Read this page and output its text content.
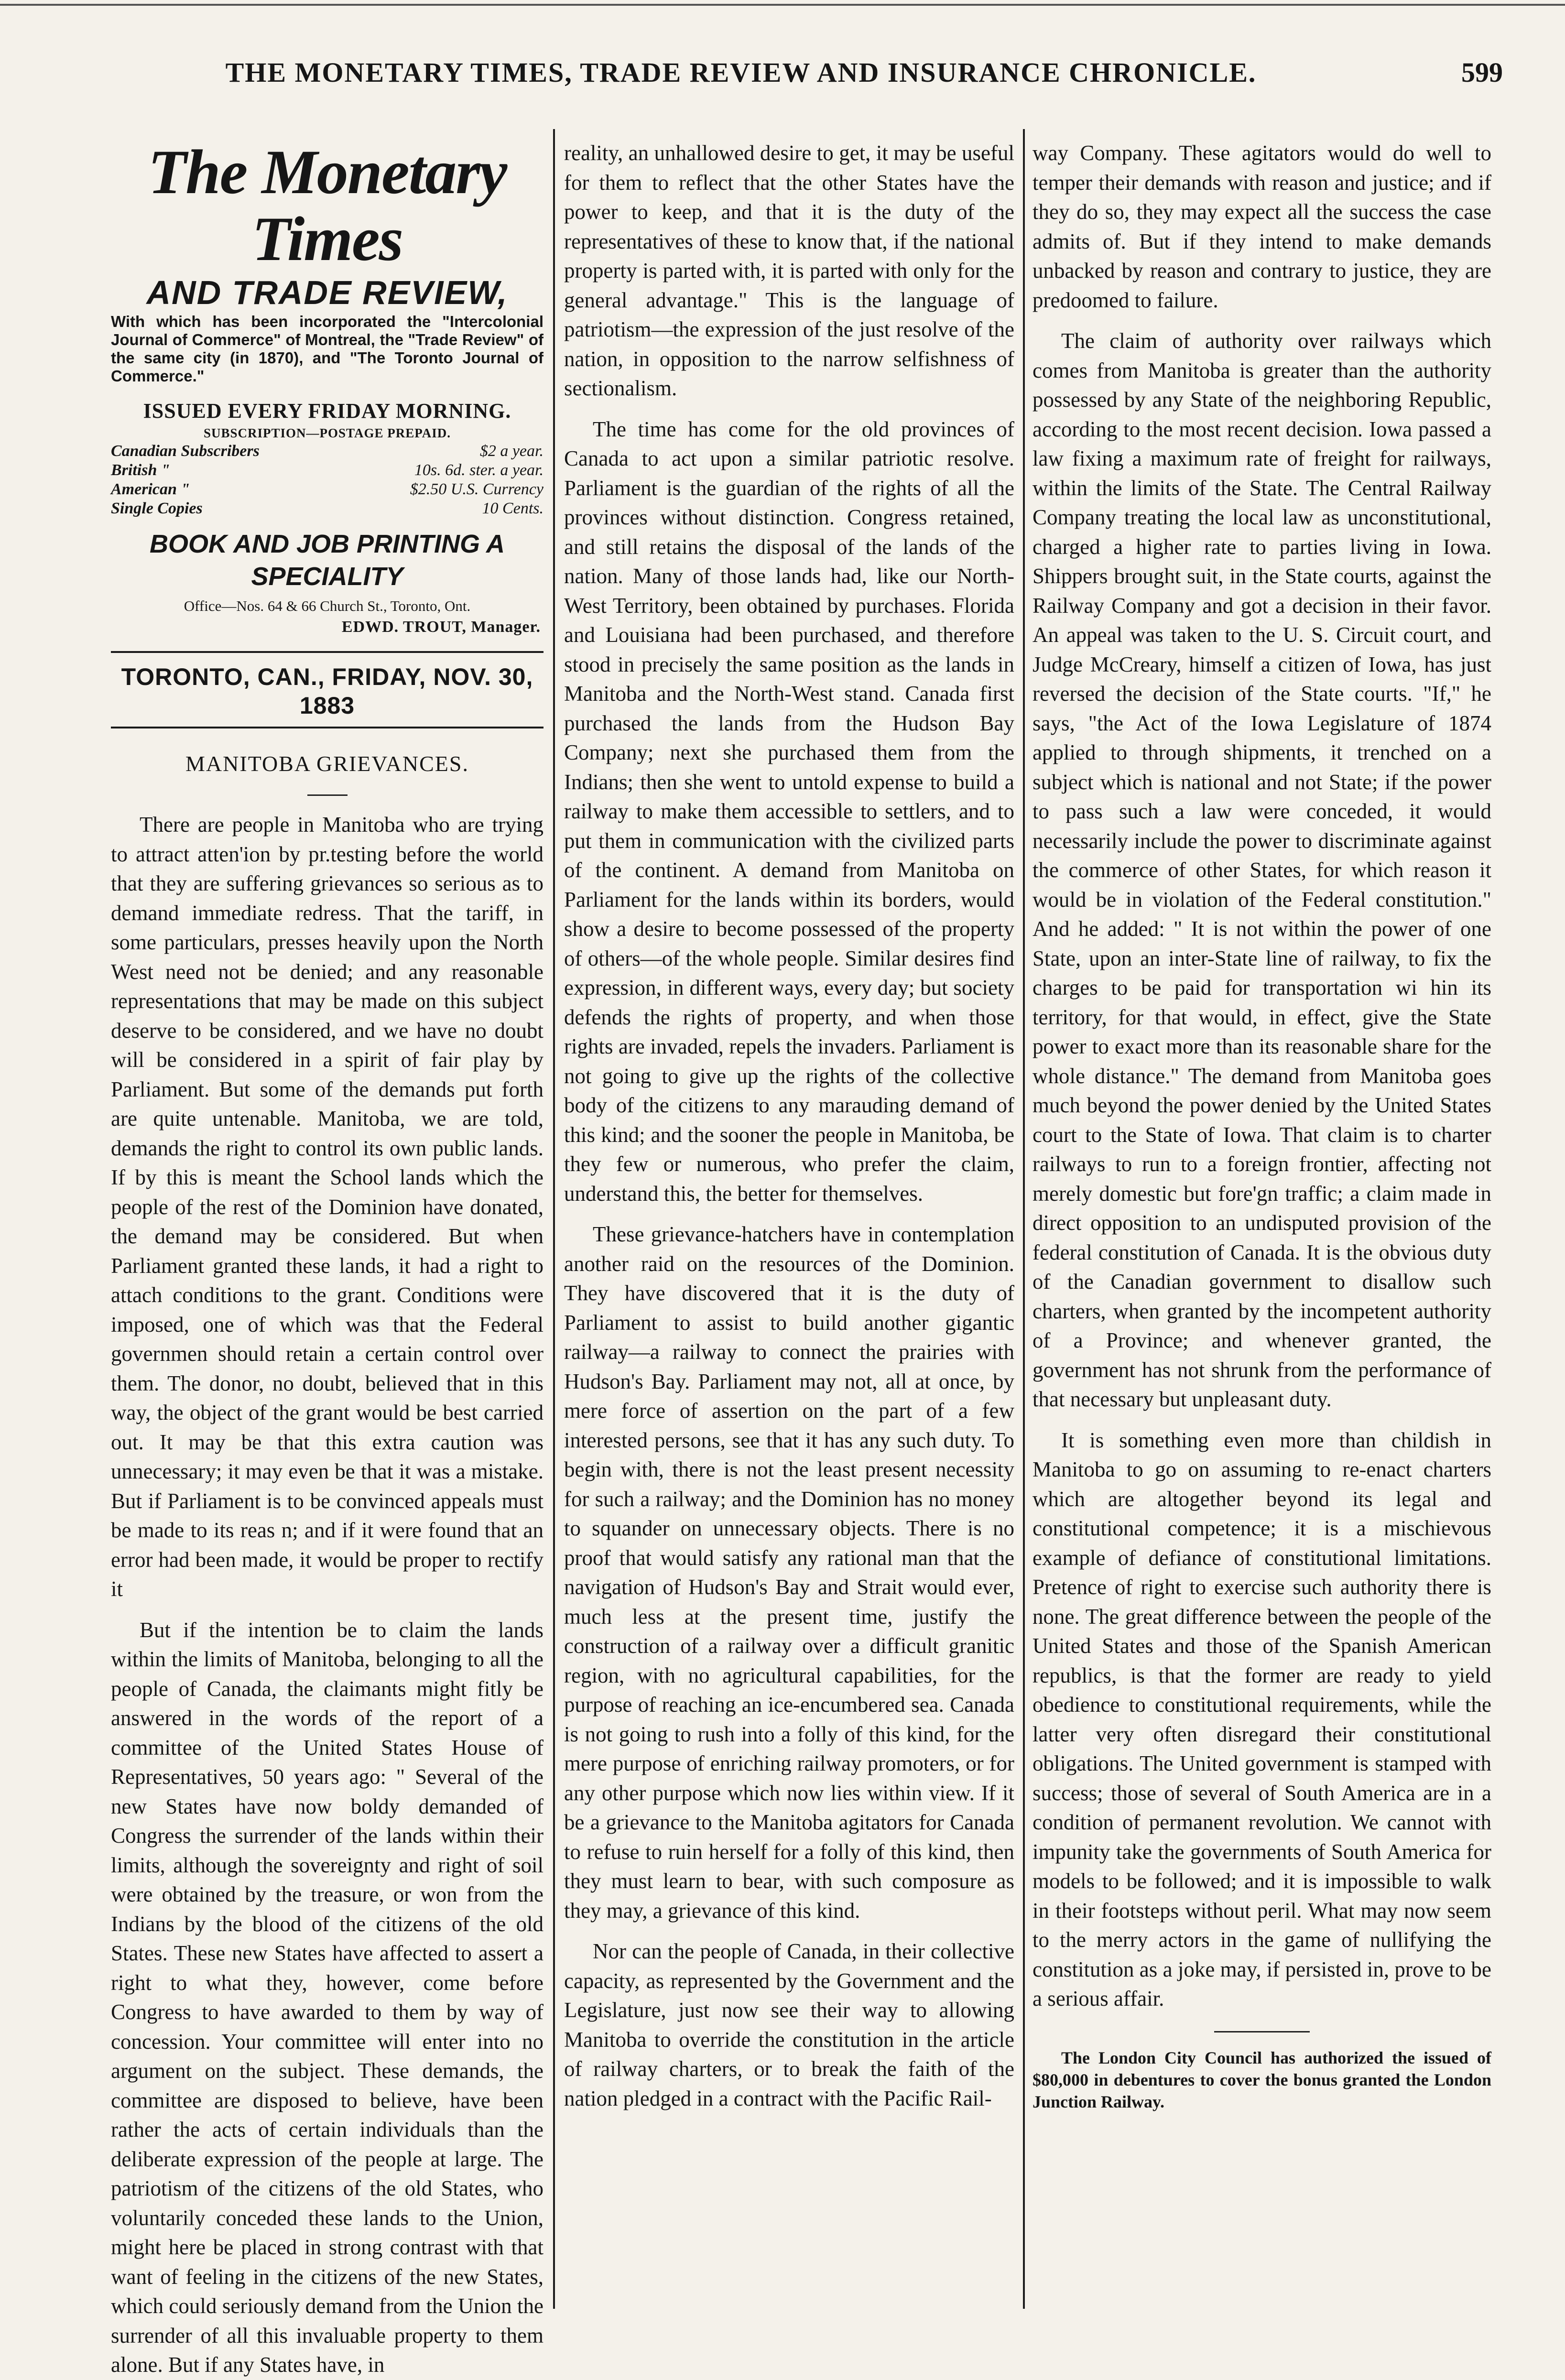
THE MONETARY TIMES, TRADE REVIEW AND INSURANCE CHRONICLE.	599
The Monetary Times
AND TRADE REVIEW,

With which has been incorporated the "Intercolonial Journal of Commerce" of Montreal, the "Trade Review" of the same city (in 1870), and "The Toronto Journal of Commerce."

ISSUED EVERY FRIDAY MORNING.
SUBSCRIPTION—POSTAGE PREPAID.
Canadian Subscribers	$2 a year.
British "	10s. 6d. ster. a year.
American "	$2.50 U.S. Currency
Single Copies	10 Cents.
BOOK AND JOB PRINTING A SPECIALITY
Office—Nos. 64 & 66 Church St., Toronto, Ont.
EDWD. TROUT, Manager.
TORONTO, CAN., FRIDAY, NOV. 30, 1883
MANITOBA GRIEVANCES.

There are people in Manitoba who are trying to attract atten'ion by pr.testing before the world that they are suffering grievances so serious as to demand immediate redress. That the tariff, in some particulars, presses heavily upon the North West need not be denied; and any reasonable representations that may be made on this subject deserve to be considered, and we have no doubt will be considered in a spirit of fair play by Parliament. But some of the demands put forth are quite untenable. Manitoba, we are told, demands the right to control its own public lands. If by this is meant the School lands which the people of the rest of the Dominion have donated, the demand may be considered. But when Parliament granted these lands, it had a right to attach conditions to the grant. Conditions were imposed, one of which was that the Federal governmen should retain a certain control over them. The donor, no doubt, believed that in this way, the object of the grant would be best carried out. It may be that this extra caution was unnecessary; it may even be that it was a mistake. But if Parliament is to be convinced appeals must be made to its reas n; and if it were found that an error had been made, it would be proper to rectify it

But if the intention be to claim the lands within the limits of Manitoba, belonging to all the people of Canada, the claimants might fitly be answered in the words of the report of a committee of the United States House of Representatives, 50 years ago: " Several of the new States have now boldy demanded of Congress the surrender of the lands within their limits, although the sovereignty and right of soil were obtained by the treasure, or won from the Indians by the blood of the citizens of the old States. These new States have affected to assert a right to what they, however, come before Congress to have awarded to them by way of concession. Your committee will enter into no argument on the subject. These demands, the committee are disposed to believe, have been rather the acts of certain individuals than the deliberate expression of the people at large. The patriotism of the citizens of the old States, who voluntarily conceded these lands to the Union, might here be placed in strong contrast with that want of feeling in the citizens of the new States, which could seriously demand from the Union the surrender of all this invaluable property to them alone. But if any States have, in

reality, an unhallowed desire to get, it may be useful for them to reflect that the other States have the power to keep, and that it is the duty of the representatives of these to know that, if the national property is parted with, it is parted with only for the general advantage." This is the language of patriotism—the expression of the just resolve of the nation, in opposition to the narrow selfishness of sectionalism.

The time has come for the old provinces of Canada to act upon a similar patriotic resolve. Parliament is the guardian of the rights of all the provinces without distinction. Congress retained, and still retains the disposal of the lands of the nation. Many of those lands had, like our North-West Territory, been obtained by purchases. Florida and Louisiana had been purchased, and therefore stood in precisely the same position as the lands in Manitoba and the North-West stand. Canada first purchased the lands from the Hudson Bay Company; next she purchased them from the Indians; then she went to untold expense to build a railway to make them accessible to settlers, and to put them in communication with the civilized parts of the continent. A demand from Manitoba on Parliament for the lands within its borders, would show a desire to become possessed of the property of others—of the whole people. Similar desires find expression, in different ways, every day; but society defends the rights of property, and when those rights are invaded, repels the invaders. Parliament is not going to give up the rights of the collective body of the citizens to any marauding demand of this kind; and the sooner the people in Manitoba, be they few or numerous, who prefer the claim, understand this, the better for themselves.

These grievance-hatchers have in contemplation another raid on the resources of the Dominion. They have discovered that it is the duty of Parliament to assist to build another gigantic railway—a railway to connect the prairies with Hudson's Bay. Parliament may not, all at once, by mere force of assertion on the part of a few interested persons, see that it has any such duty. To begin with, there is not the least present necessity for such a railway; and the Dominion has no money to squander on unnecessary objects. There is no proof that would satisfy any rational man that the navigation of Hudson's Bay and Strait would ever, much less at the present time, justify the construction of a railway over a difficult granitic region, with no agricultural capabilities, for the purpose of reaching an ice-encumbered sea. Canada is not going to rush into a folly of this kind, for the mere purpose of enriching railway promoters, or for any other purpose which now lies within view. If it be a grievance to the Manitoba agitators for Canada to refuse to ruin herself for a folly of this kind, then they must learn to bear, with such composure as they may, a grievance of this kind.

Nor can the people of Canada, in their collective capacity, as represented by the Government and the Legislature, just now see their way to allowing Manitoba to override the constitution in the article of railway charters, or to break the faith of the nation pledged in a contract with the Pacific Rail-

way Company. These agitators would do well to temper their demands with reason and justice; and if they do so, they may expect all the success the case admits of. But if they intend to make demands unbacked by reason and contrary to justice, they are predoomed to failure.

The claim of authority over railways which comes from Manitoba is greater than the authority possessed by any State of the neighboring Republic, according to the most recent decision. Iowa passed a law fixing a maximum rate of freight for railways, within the limits of the State. The Central Railway Company treating the local law as unconstitutional, charged a higher rate to parties living in Iowa. Shippers brought suit, in the State courts, against the Railway Company and got a decision in their favor. An appeal was taken to the U. S. Circuit court, and Judge McCreary, himself a citizen of Iowa, has just reversed the decision of the State courts. "If," he says, "the Act of the Iowa Legislature of 1874 applied to through shipments, it trenched on a subject which is national and not State; if the power to pass such a law were conceded, it would necessarily include the power to discriminate against the commerce of other States, for which reason it would be in violation of the Federal constitution." And he added: " It is not within the power of one State, upon an inter-State line of railway, to fix the charges to be paid for transportation wi hin its territory, for that would, in effect, give the State power to exact more than its reasonable share for the whole distance." The demand from Manitoba goes much beyond the power denied by the United States court to the State of Iowa. That claim is to charter railways to run to a foreign frontier, affecting not merely domestic but fore'gn traffic; a claim made in direct opposition to an undisputed provision of the federal constitution of Canada. It is the obvious duty of the Canadian government to disallow such charters, when granted by the incompetent authority of a Province; and whenever granted, the government has not shrunk from the performance of that necessary but unpleasant duty.

It is something even more than childish in Manitoba to go on assuming to re-enact charters which are altogether beyond its legal and constitutional competence; it is a mischievous example of defiance of constitutional limitations. Pretence of right to exercise such authority there is none. The great difference between the people of the United States and those of the Spanish American republics, is that the former are ready to yield obedience to constitutional requirements, while the latter very often disregard their constitutional obligations. The United government is stamped with success; those of several of South America are in a condition of permanent revolution. We cannot with impunity take the governments of South America for models to be followed; and it is impossible to walk in their footsteps without peril. What may now seem to the merry actors in the game of nullifying the constitution as a joke may, if persisted in, prove to be a serious affair.

The London City Council has authorized the issued of $80,000 in debentures to cover the bonus granted the London Junction Railway.
